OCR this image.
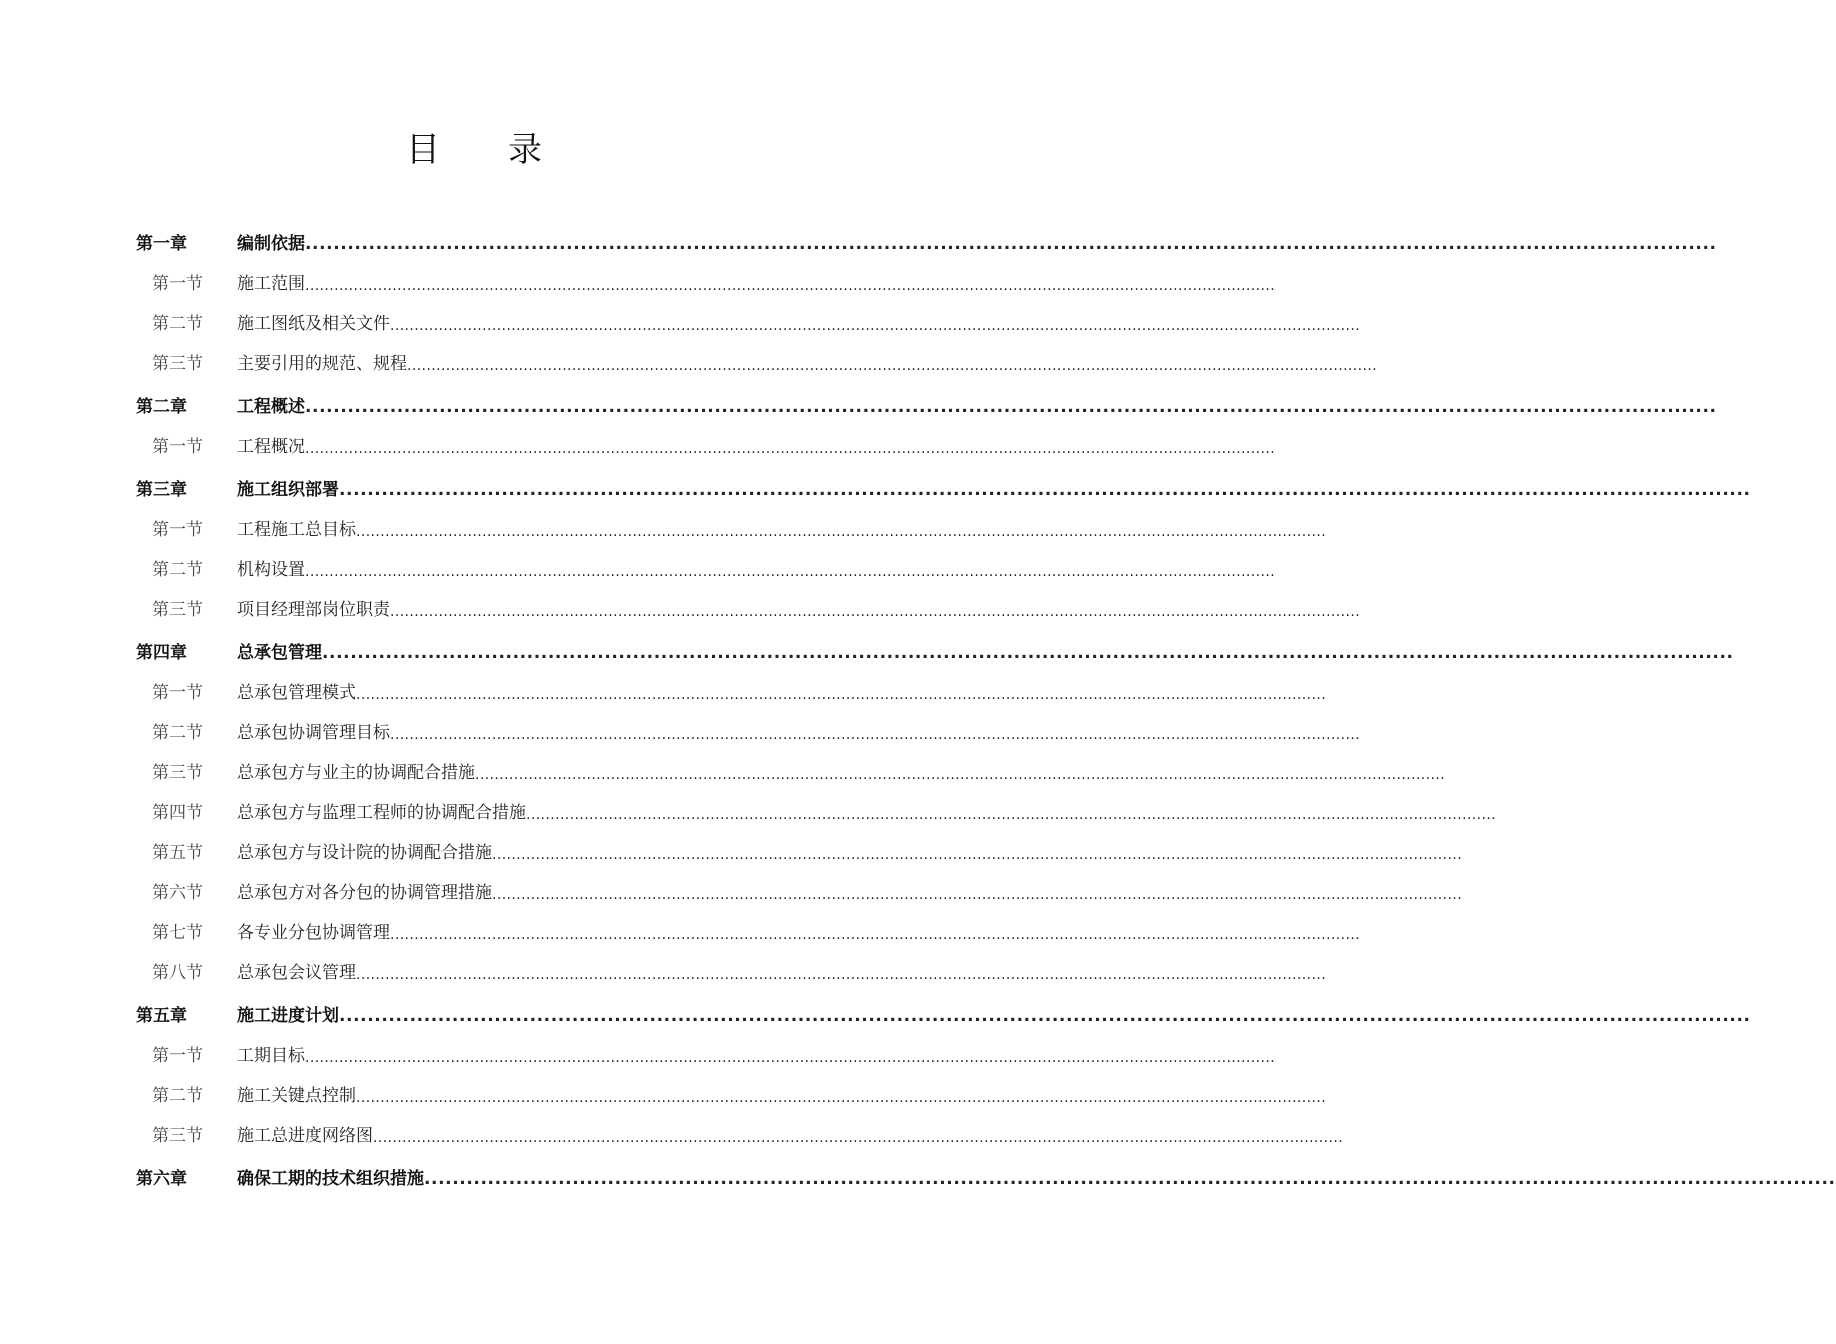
目 录
第一章	编制依据 ........................................................................................................................................................................................................
第一节	施工范围 ........................................................................................................................................................................................................
第二节	施工图纸及相关文件 ........................................................................................................................................................................................................
第三节	主要引用的规范、规程 ........................................................................................................................................................................................................
第二章	工程概述 ........................................................................................................................................................................................................
第一节	工程概况 ........................................................................................................................................................................................................
第三章	施工组织部署 ........................................................................................................................................................................................................
第一节	工程施工总目标 ........................................................................................................................................................................................................
第二节	机构设置 ........................................................................................................................................................................................................
第三节	项目经理部岗位职责 ........................................................................................................................................................................................................
第四章	总承包管理 ........................................................................................................................................................................................................
第一节	总承包管理模式 ........................................................................................................................................................................................................
第二节	总承包协调管理目标 ........................................................................................................................................................................................................
第三节	总承包方与业主的协调配合措施 ........................................................................................................................................................................................................
第四节	总承包方与监理工程师的协调配合措施 ........................................................................................................................................................................................................
第五节	总承包方与设计院的协调配合措施 ........................................................................................................................................................................................................
第六节	总承包方对各分包的协调管理措施 ........................................................................................................................................................................................................
第七节	各专业分包协调管理 ........................................................................................................................................................................................................
第八节	总承包会议管理 ........................................................................................................................................................................................................
第五章	施工进度计划 ........................................................................................................................................................................................................
第一节	工期目标 ........................................................................................................................................................................................................
第二节	施工关键点控制 ........................................................................................................................................................................................................
第三节	施工总进度网络图 ........................................................................................................................................................................................................
第六章	确保工期的技术组织措施 ........................................................................................................................................................................................................
